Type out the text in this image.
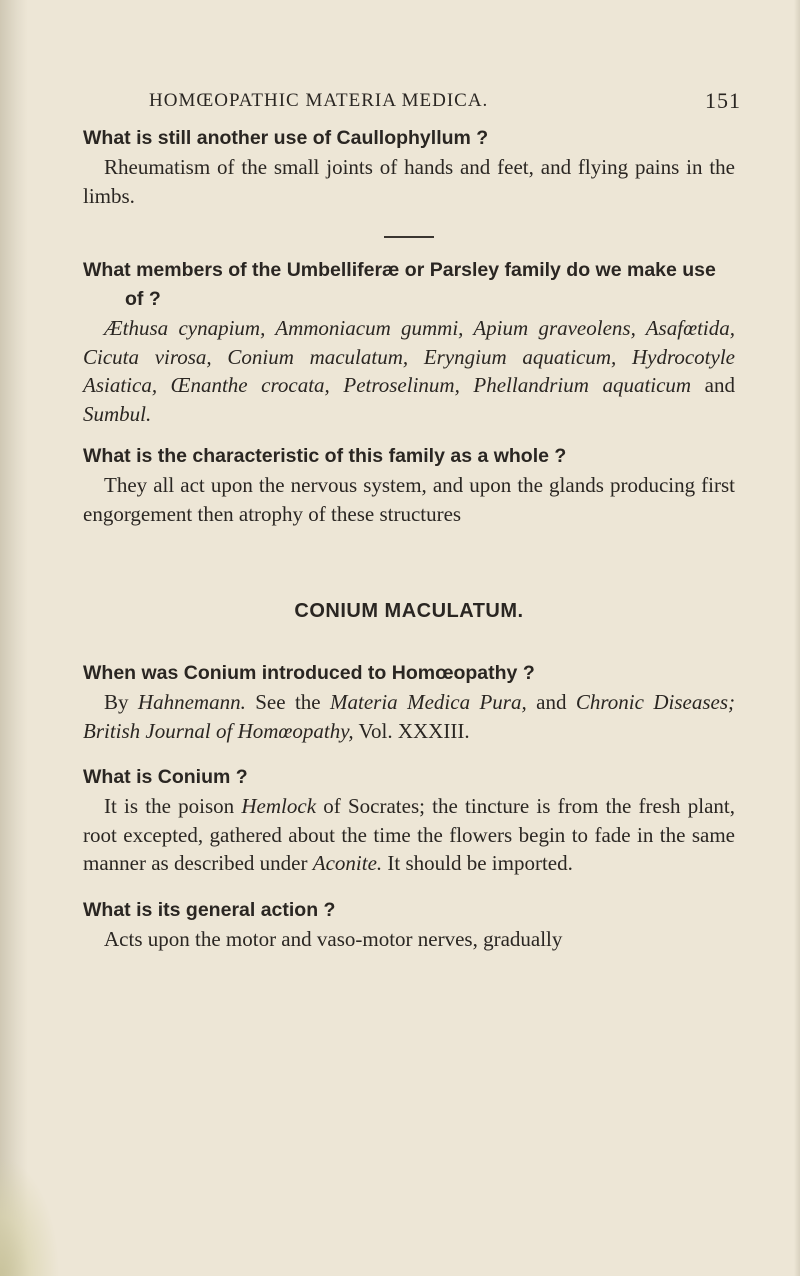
HOMŒOPATHIC MATERIA MEDICA.	151

What is still another use of Caullophyllum ?

Rheumatism of the small joints of hands and feet, and flying pains in the limbs.

What members of the Umbelliferæ or Parsley family do we make use of ?

Æthusa cynapium, Ammoniacum gummi, Apium graveolens, Asafœtida, Cicuta virosa, Conium maculatum, Eryngium aquaticum, Hydrocotyle Asiatica, Œnanthe crocata, Petroselinum, Phellandrium aquaticum and Sumbul.

What is the characteristic of this family as a whole ?

They all act upon the nervous system, and upon the glands producing first engorgement then atrophy of these structures

CONIUM MACULATUM.

When was Conium introduced to Homœopathy ?

By Hahnemann. See the Materia Medica Pura, and Chronic Diseases; British Journal of Homœopathy, Vol. XXXIII.

What is Conium ?

It is the poison Hemlock of Socrates; the tincture is from the fresh plant, root excepted, gathered about the time the flowers begin to fade in the same manner as described under Aconite. It should be imported.

What is its general action ?

Acts upon the motor and vaso-motor nerves, gradually
